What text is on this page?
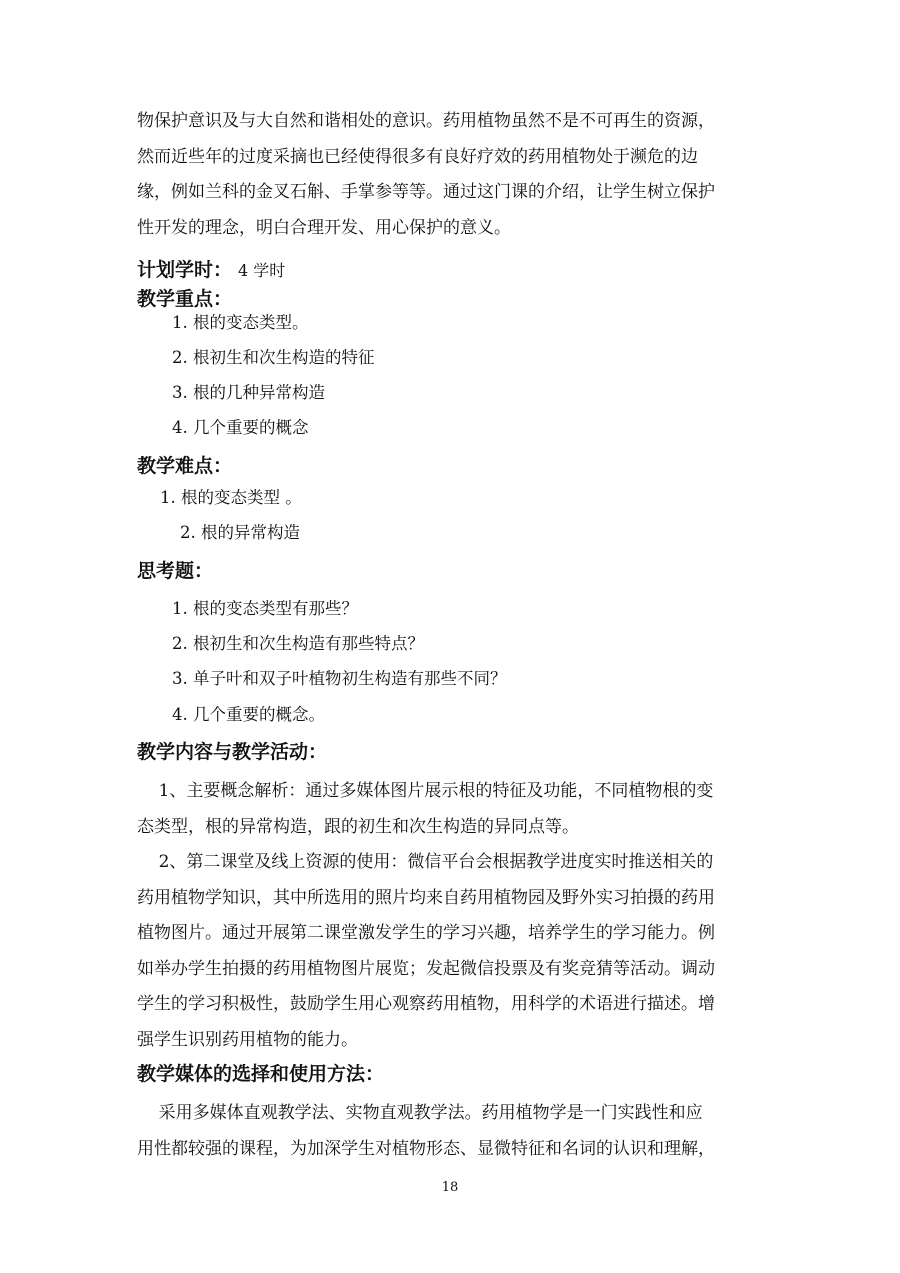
物保护意识及与大自然和谐相处的意识。药用植物虽然不是不可再生的资源，
然而近些年的过度采摘也已经使得很多有良好疗效的药用植物处于濒危的边
缘，例如兰科的金叉石斛、手掌参等等。通过这门课的介绍，让学生树立保护
性开发的理念，明白合理开发、用心保护的意义。
计划学时： 4 学时
教学重点：
1. 根的变态类型。
2. 根初生和次生构造的特征
3. 根的几种异常构造
4. 几个重要的概念
教学难点：
1. 根的变态类型 。
2. 根的异常构造
思考题：
1. 根的变态类型有那些？
2. 根初生和次生构造有那些特点？
3. 单子叶和双子叶植物初生构造有那些不同？
4. 几个重要的概念。
教学内容与教学活动：
1、主要概念解析：通过多媒体图片展示根的特征及功能，不同植物根的变
态类型，根的异常构造，跟的初生和次生构造的异同点等。
2、第二课堂及线上资源的使用：微信平台会根据教学进度实时推送相关的
药用植物学知识，其中所选用的照片均来自药用植物园及野外实习拍摄的药用
植物图片。通过开展第二课堂激发学生的学习兴趣，培养学生的学习能力。例
如举办学生拍摄的药用植物图片展览；发起微信投票及有奖竞猜等活动。调动
学生的学习积极性，鼓励学生用心观察药用植物，用科学的术语进行描述。增
强学生识别药用植物的能力。
教学媒体的选择和使用方法：
采用多媒体直观教学法、实物直观教学法。药用植物学是一门实践性和应
用性都较强的课程，为加深学生对植物形态、显微特征和名词的认识和理解，
18
